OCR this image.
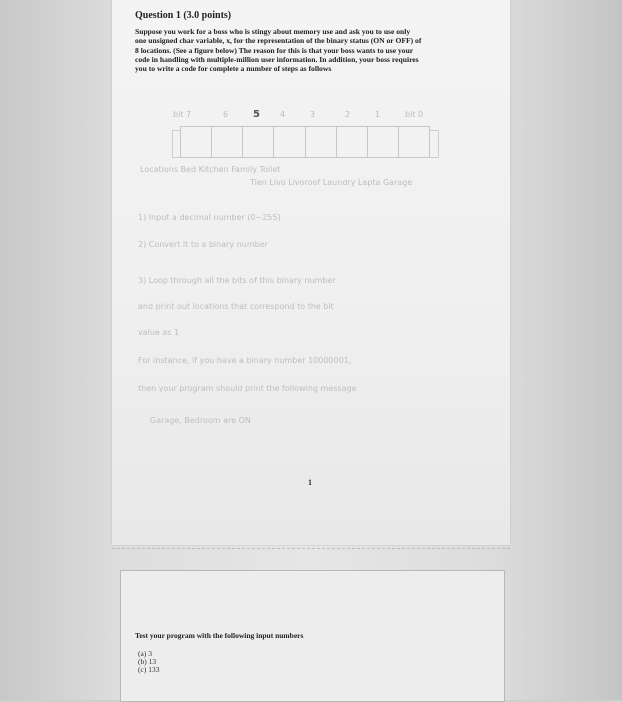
Question 1 (3.0 points)

Suppose you work for a boss who is stingy about memory use and ask you to use only

one unsigned char variable, x, for the representation of the binary status (ON or OFF) of

8 locations. (See a figure below) The reason for this is that your boss wants to use your

code in handling with multiple-million user information. In addition, your boss requires

you to write a code for complete a number of steps as follows

bit 7	6 5	4	3	2	1	bit 0
Locations Bed Kitchen Family Toilet
Tien Livo Livoroof Laundry Lapta Garage
1) Input a decimal number (0~255)
2) Convert it to a binary number
3) Loop through all the bits of this binary number
and print out locations that correspond to the bit
value as 1
For instance, if you have a binary number 10000001,
then your program should print the following message
Garage, Bedroom are ON
1
Test your program with the following input numbers
(a) 3
(b) 13
(c) 133
